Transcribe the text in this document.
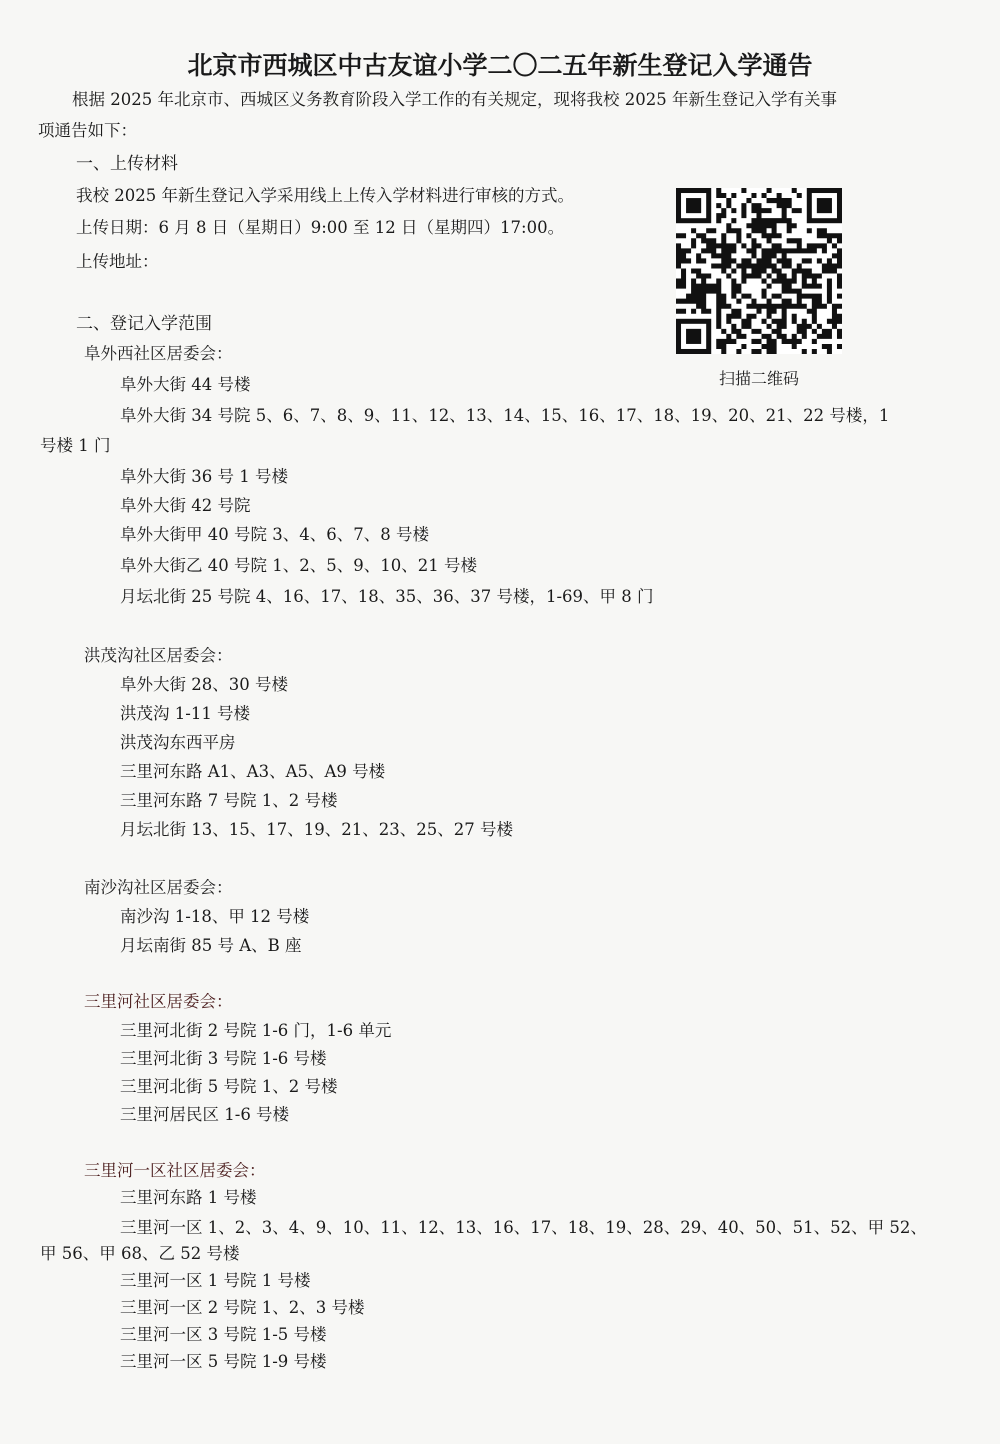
北京市西城区中古友谊小学二〇二五年新生登记入学通告
根据 2025 年北京市、西城区义务教育阶段入学工作的有关规定，现将我校 2025 年新生登记入学有关事
项通告如下：
一、上传材料
我校 2025 年新生登记入学采用线上上传入学材料进行审核的方式。
上传日期：6 月 8 日（星期日）9:00 至 12 日（星期四）17:00。
上传地址：
扫描二维码
二、登记入学范围
阜外西社区居委会：
阜外大街 44 号楼
阜外大街 34 号院 5、6、7、8、9、11、12、13、14、15、16、17、18、19、20、21、22 号楼，1
号楼 1 门
阜外大街 36 号 1 号楼
阜外大街 42 号院
阜外大街甲 40 号院 3、4、6、7、8 号楼
阜外大街乙 40 号院 1、2、5、9、10、21 号楼
月坛北街 25 号院 4、16、17、18、35、36、37 号楼，1-69、甲 8 门
洪茂沟社区居委会：
阜外大街 28、30 号楼
洪茂沟 1-11 号楼
洪茂沟东西平房
三里河东路 A1、A3、A5、A9 号楼
三里河东路 7 号院 1、2 号楼
月坛北街 13、15、17、19、21、23、25、27 号楼
南沙沟社区居委会：
南沙沟 1-18、甲 12 号楼
月坛南街 85 号 A、B 座
三里河社区居委会：
三里河北街 2 号院 1-6 门，1-6 单元
三里河北街 3 号院 1-6 号楼
三里河北街 5 号院 1、2 号楼
三里河居民区 1-6 号楼
三里河一区社区居委会：
三里河东路 1 号楼
三里河一区 1、2、3、4、9、10、11、12、13、16、17、18、19、28、29、40、50、51、52、甲 52、
甲 56、甲 68、乙 52 号楼
三里河一区 1 号院 1 号楼
三里河一区 2 号院 1、2、3 号楼
三里河一区 3 号院 1-5 号楼
三里河一区 5 号院 1-9 号楼
